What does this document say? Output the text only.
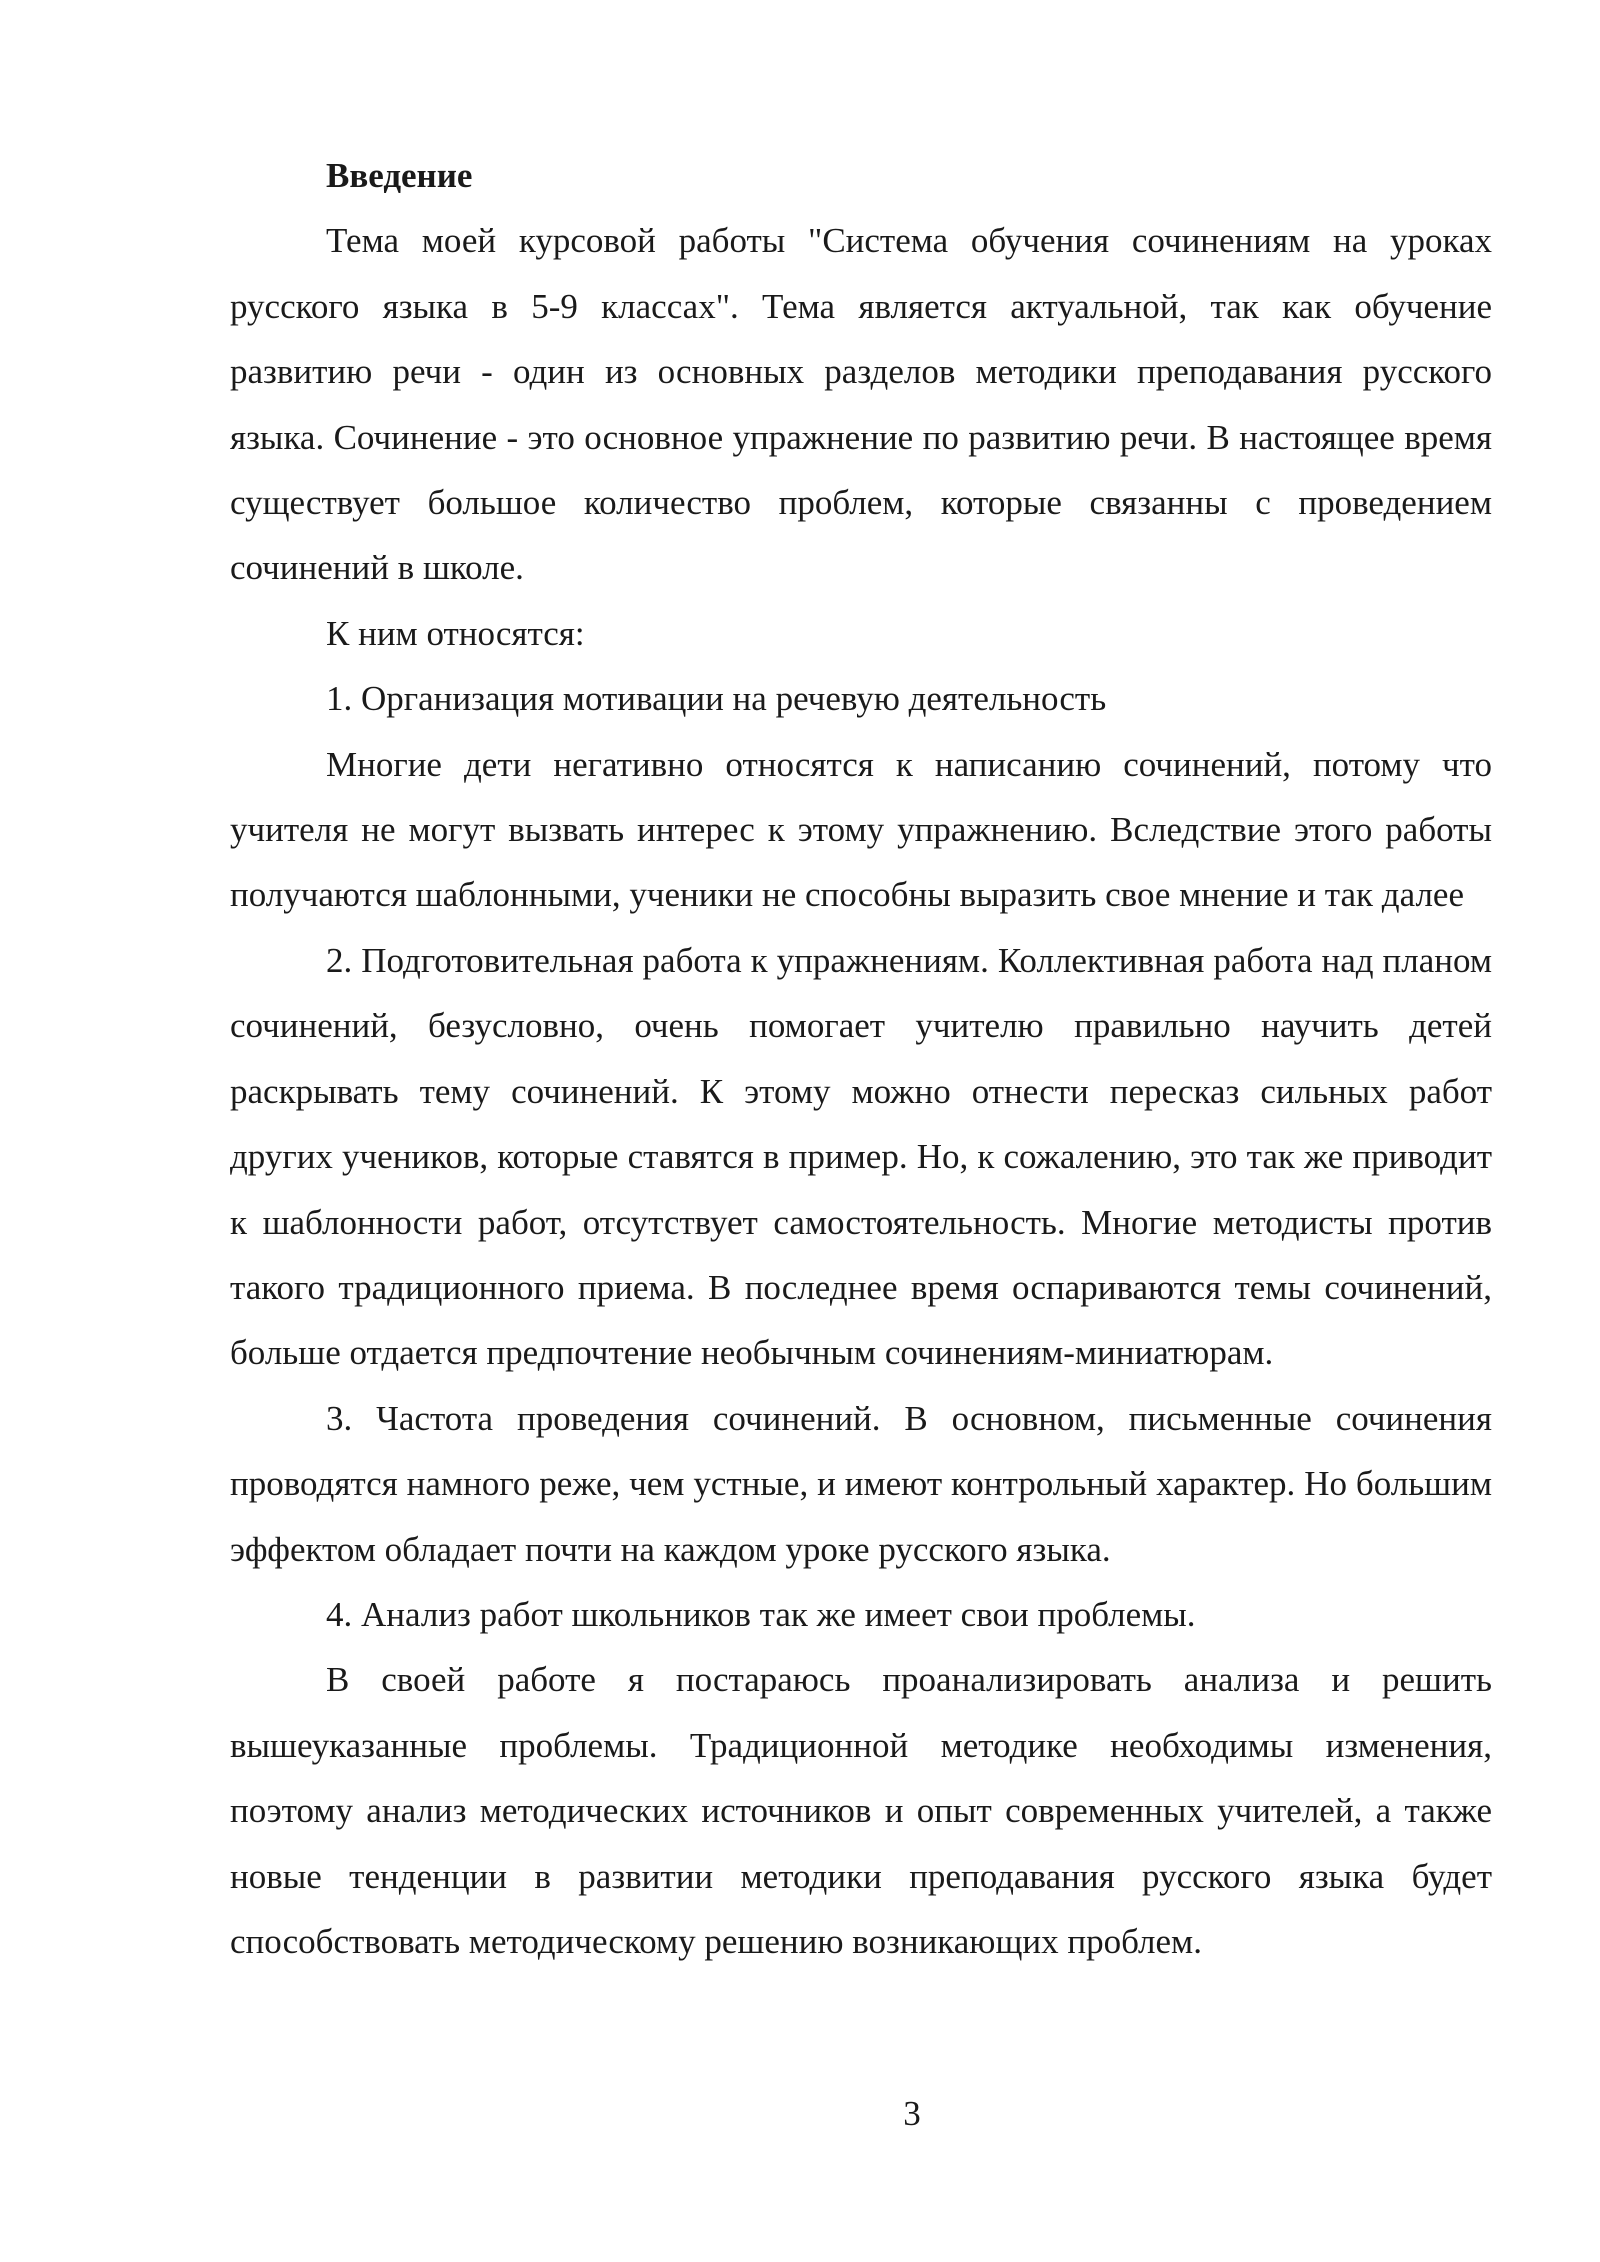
Введение

Тема моей курсовой работы "Система обучения сочинениям на уроках русского языка в 5-9 классах". Тема является актуальной, так как обучение развитию речи - один из основных разделов методики преподавания русского языка. Сочинение - это основное упражнение по развитию речи. В настоящее время существует большое количество проблем, которые связанны с проведением сочинений в школе.

К ним относятся:

1. Организация мотивации на речевую деятельность

Многие дети негативно относятся к написанию сочинений, потому что учителя не могут вызвать интерес к этому упражнению. Вследствие этого работы получаются шаблонными, ученики не способны выразить свое мнение и так далее

2. Подготовительная работа к упражнениям. Коллективная работа над планом сочинений, безусловно, очень помогает учителю правильно научить детей раскрывать тему сочинений. К этому можно отнести пересказ сильных работ других учеников, которые ставятся в пример. Но, к сожалению, это так же приводит к шаблонности работ, отсутствует самостоятельность. Многие методисты против такого традиционного приема. В последнее время оспариваются темы сочинений, больше отдается предпочтение необычным сочинениям-миниатюрам.

3. Частота проведения сочинений. В основном, письменные сочинения проводятся намного реже, чем устные, и имеют контрольный характер. Но большим эффектом обладает почти на каждом уроке русского языка.

4. Анализ работ школьников так же имеет свои проблемы.

В своей работе я постараюсь проанализировать анализа и решить вышеуказанные проблемы. Традиционной методике необходимы изменения, поэтому анализ методических источников и опыт современных учителей, а также новые тенденции в развитии методики преподавания русского языка будет способствовать методическому решению возникающих проблем.

3
